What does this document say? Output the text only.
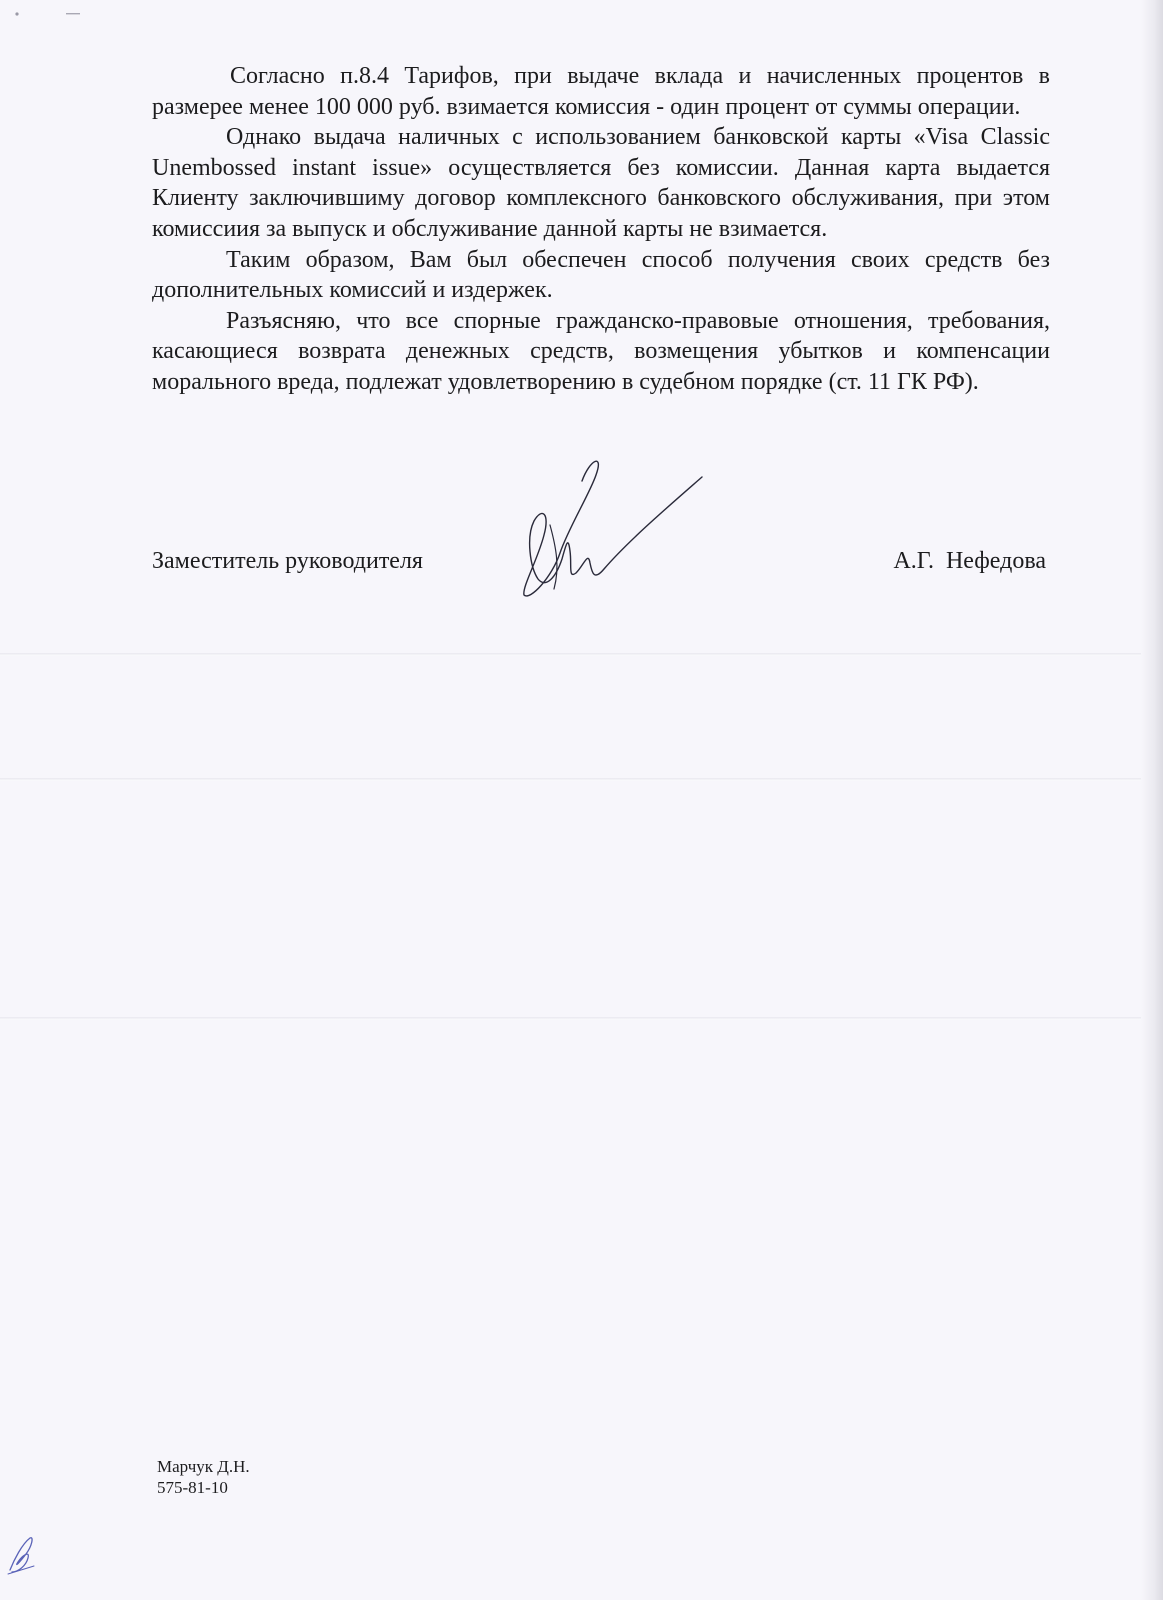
Согласно п.8.4 Тарифов, при выдаче вклада и начисленных процентов в размерее менее 100 000 руб. взимается комиссия - один процент от суммы операции.

Однако выдача наличных с использованием банковской карты «Visa Classic Unembossed instant issue» осуществляется без комиссии. Данная карта выдается Клиенту заключившиму договор комплексного банковского обслуживания, при этом комиссиия за выпуск и обслуживание данной карты не взимается.

Таким образом, Вам был обеспечен способ получения своих средств без дополнительных комиссий и издержек.

Разъясняю, что все спорные гражданско-правовые отношения, требования, касающиеся возврата денежных средств, возмещения убытков и компенсации морального вреда, подлежат удовлетворению в судебном порядке (ст. 11 ГК РФ).

Заместитель руководителя	А.Г. Нефедова
Марчук Д.Н.
575-81-10
